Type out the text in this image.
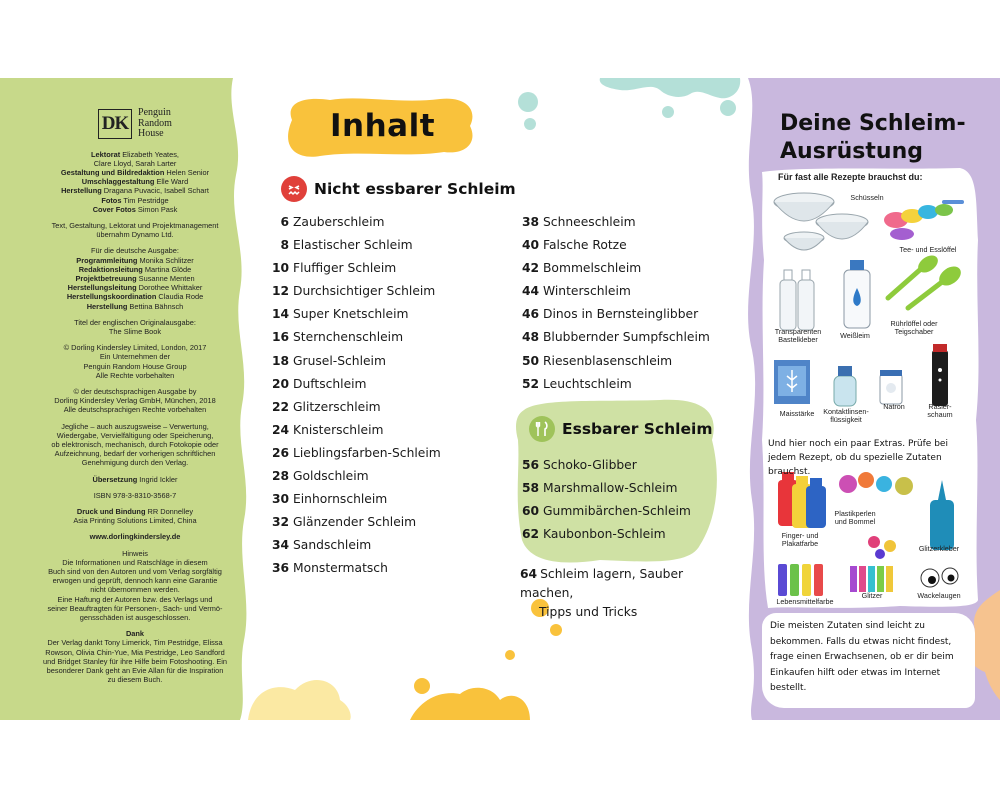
DK
Penguin
Random
House
Lektorat Elizabeth Yeates,
Clare Lloyd, Sarah Larter
Gestaltung und Bildredaktion Helen Senior
Umschlaggestaltung Elle Ward
Herstellung Dragana Puvacic, Isabell Schart
Fotos Tim Pestridge
Cover Fotos Simon Pask
Text, Gestaltung, Lektorat und Projektmanagement
übernahm Dynamo Ltd.
Für die deutsche Ausgabe:
Programmleitung Monika Schlitzer
Redaktionsleitung Martina Glöde
Projektbetreuung Susanne Menten
Herstellungsleitung Dorothee Whittaker
Herstellungskoordination Claudia Rode
Herstellung Bettina Bähnsch
Titel der englischen Originalausgabe:
The Slime Book
© Dorling Kindersley Limited, London, 2017
Ein Unternehmen der
Penguin Random House Group
Alle Rechte vorbehalten
© der deutschsprachigen Ausgabe by
Dorling Kindersley Verlag GmbH, München, 2018
Alle deutschsprachigen Rechte vorbehalten
Jegliche – auch auszugsweise – Verwertung,
Wiedergabe, Vervielfältigung oder Speicherung,
ob elektronisch, mechanisch, durch Fotokopie oder
Aufzeichnung, bedarf der vorherigen schriftlichen
Genehmigung durch den Verlag.
Übersetzung Ingrid Ickler
ISBN 978-3-8310-3568-7
Druck und Bindung RR Donnelley
Asia Printing Solutions Limited, China
www.dorlingkindersley.de
Hinweis
Die Informationen und Ratschläge in diesem
Buch sind von den Autoren und vom Verlag sorgfältig
erwogen und geprüft, dennoch kann eine Garantie
nicht übernommen werden.
Eine Haftung der Autoren bzw. des Verlags und
seiner Beauftragten für Personen-, Sach- und Vermö-
gensschäden ist ausgeschlossen.
Dank
Der Verlag dankt Tony Limerick, Tim Pestridge, Elissa
Rowson, Olivia Chin-Yue, Mia Pestridge, Leo Sandford
und Bridget Stanley für ihre Hilfe beim Fotoshooting. Ein
besonderer Dank geht an Evie Allan für die Inspiration
zu diesem Buch.
Inhalt
Nicht essbarer Schleim
6 Zauberschleim
8 Elastischer Schleim
10 Fluffiger Schleim
12 Durchsichtiger Schleim
14 Super Knetschleim
16 Sternchenschleim
18 Grusel-Schleim
20 Duftschleim
22 Glitzerschleim
24 Knisterschleim
26 Lieblingsfarben-Schleim
28 Goldschleim
30 Einhornschleim
32 Glänzender Schleim
34 Sandschleim
36 Monstermatsch
38 Schneeschleim
40 Falsche Rotze
42 Bommelschleim
44 Winterschleim
46 Dinos in Bernsteinglibber
48 Blubbernder Sumpfschleim
50 Riesenblasenschleim
52 Leuchtschleim
Essbarer Schleim
56 Schoko-Glibber
58 Marshmallow-Schleim
60 Gummibärchen-Schleim
62 Kaubonbon-Schleim
64 Schleim lagern, Sauber machen,
Tipps und Tricks
Deine Schleim-
Ausrüstung
Für fast alle Rezepte brauchst du:
Schüsseln
Tee- und Esslöffel
Transparenten Bastelkleber	Weißleim
Rührlöffel oder Teigschaber
Maisstärke	Kontaktlinsen-flüssigkeit
Natron	Rasier-schaum
Und hier noch ein paar Extras. Prüfe bei jedem Rezept, ob du spezielle Zutaten brauchst.
Finger- und Plakatfarbe
Plastikperlen und Bommel
Glitzerkleber
Lebensmittelfarbe
Glitzer	Wackelaugen
Die meisten Zutaten sind leicht zu bekommen. Falls du etwas nicht findest, frage einen Erwachsenen, ob er dir beim Einkaufen hilft oder etwas im Internet bestellt.
